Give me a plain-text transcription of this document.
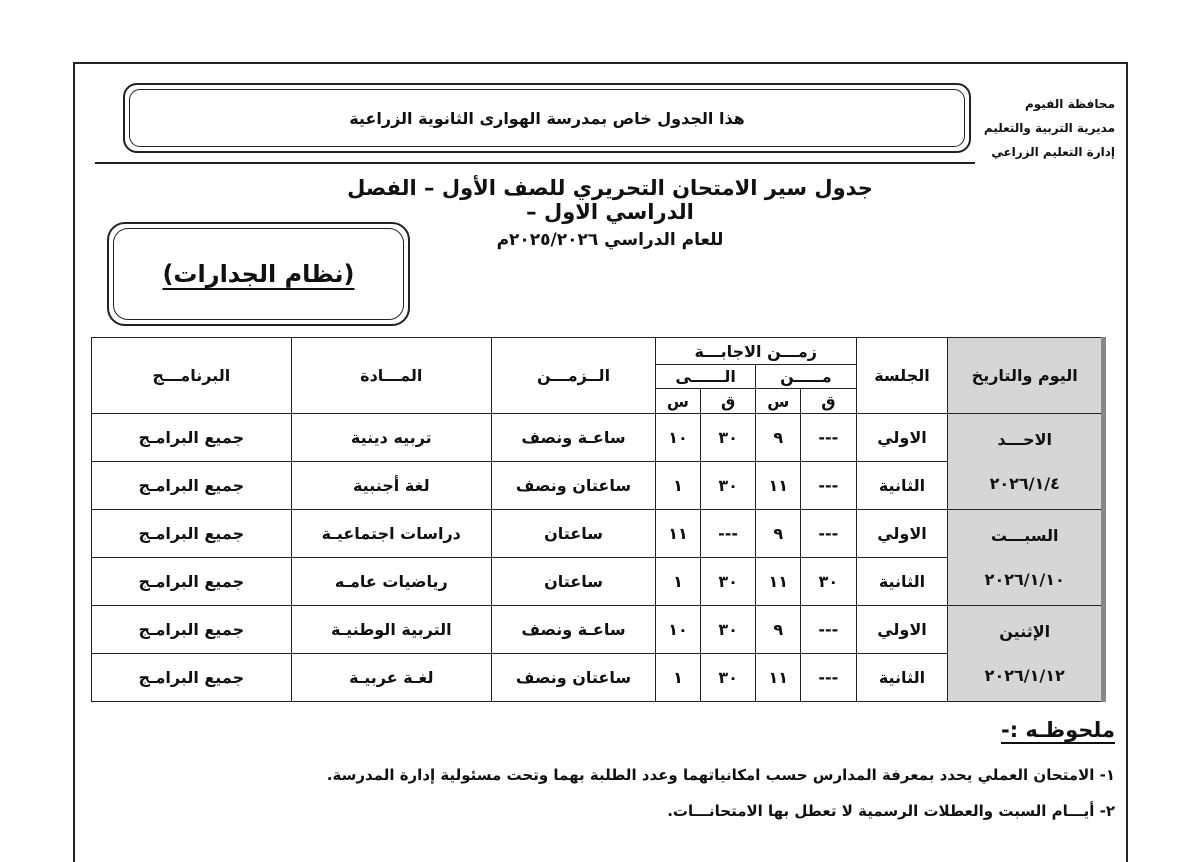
محافظة الفيوم
مديرية التربية والتعليم
إدارة التعليم الزراعي
هذا الجدول خاص بمدرسة الهوارى الثانوية الزراعية
جدول سير الامتحان التحريري للصف الأول – الفصل الدراسي الاول –
للعام الدراسي ٢٠٢٥/٢٠٢٦م
(نظام الجدارات)
اليوم والتاريخ	الجلسة	زمـــن الاجابـــة				الــزمـــن	المـــادة	البرنامـــج
		مـــــن		الــــــى				
		ق	س	ق	س			

الاحـــد
٢٠٢٦/١/٤	الاولي	---	٩	٣٠	١٠	ساعـة ونصف	تربيه دينية	جميع البرامـج
	الثانية	---	١١	٣٠	١	ساعتان ونصف	لغة أجنبية	جميع البرامـج

السبـــت
٢٠٢٦/١/١٠	الاولي	---	٩	---	١١	ساعتان	دراسات اجتماعيـة	جميع البرامـج
	الثانية	٣٠	١١	٣٠	١	ساعتان	رياضيات عامـه	جميع البرامـج

الإثنين
٢٠٢٦/١/١٢	الاولي	---	٩	٣٠	١٠	ساعـة ونصف	التربية الوطنيـة	جميع البرامـج
	الثانية	---	١١	٣٠	١	ساعتان ونصف	لغـة عربيـة	جميع البرامـج
ملحوظـه :-
١- الامتحان العملي يحدد بمعرفة المدارس حسب امكانياتهما وعدد الطلبة بهما وتحت مسئولية إدارة المدرسة.
٢- أيـــام السبت والعطلات الرسمية لا تعطل بها الامتحانـــات.
